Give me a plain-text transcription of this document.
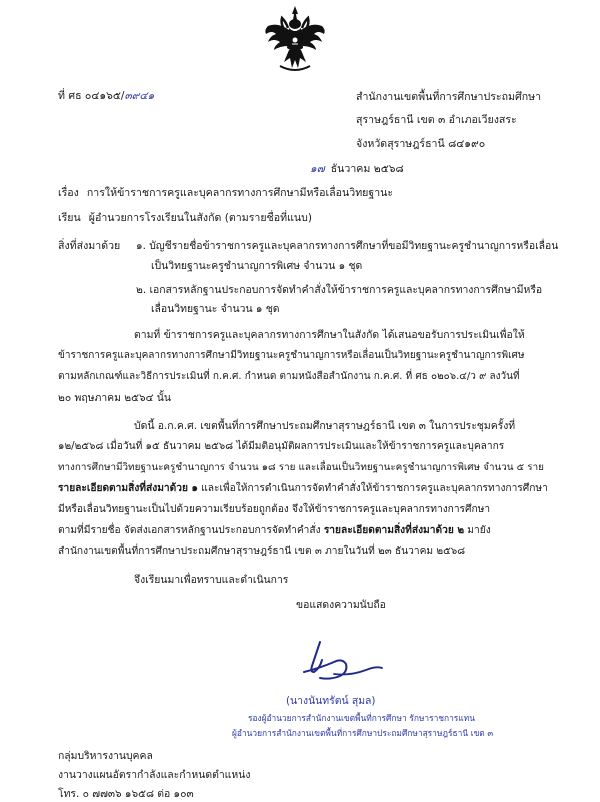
ที่ ศธ ๐๔๑๖๕/๓๙๔๑	สำนักงานเขตพื้นที่การศึกษาประถมศึกษา
สุราษฎร์ธานี เขต ๓ อำเภอเวียงสระ
จังหวัดสุราษฎร์ธานี ๘๔๑๙๐
๑๗ ธันวาคม ๒๕๖๘
เรื่อง การให้ข้าราชการครูและบุคลากรทางการศึกษามีหรือเลื่อนวิทยฐานะ
เรียน ผู้อำนวยการโรงเรียนในสังกัด (ตามรายชื่อที่แนบ)
สิ่งที่ส่งมาด้วย ๑. บัญชีรายชื่อข้าราชการครูและบุคลากรทางการศึกษาที่ขอมีวิทยฐานะครูชำนาญการหรือเลื่อน
เป็นวิทยฐานะครูชำนาญการพิเศษ จำนวน ๑ ชุด
๒. เอกสารหลักฐานประกอบการจัดทำคำสั่งให้ข้าราชการครูและบุคลากรทางการศึกษามีหรือ
เลื่อนวิทยฐานะ จำนวน ๑ ชุด
ตามที่ ข้าราชการครูและบุคลากรทางการศึกษาในสังกัด ได้เสนอขอรับการประเมินเพื่อให้
ข้าราชการครูและบุคลากรทางการศึกษามีวิทยฐานะครูชำนาญการหรือเลื่อนเป็นวิทยฐานะครูชำนาญการพิเศษ
ตามหลักเกณฑ์และวิธีการประเมินที่ ก.ค.ศ. กำหนด ตามหนังสือสำนักงาน ก.ค.ศ. ที่ ศธ ๐๒๐๖.๔/ว ๙ ลงวันที่
๒๐ พฤษภาคม ๒๕๖๔ นั้น
บัดนี้ อ.ก.ค.ศ. เขตพื้นที่การศึกษาประถมศึกษาสุราษฎร์ธานี เขต ๓ ในการประชุมครั้งที่
๑๒/๒๕๖๘ เมื่อวันที่ ๑๕ ธันวาคม ๒๕๖๘ ได้มีมติอนุมัติผลการประเมินและให้ข้าราชการครูและบุคลากร
ทางการศึกษามีวิทยฐานะครูชำนาญการ จำนวน ๑๘ ราย และเลื่อนเป็นวิทยฐานะครูชำนาญการพิเศษ จำนวน ๕ ราย
รายละเอียดตามสิ่งที่ส่งมาด้วย ๑ และเพื่อให้การดำเนินการจัดทำคำสั่งให้ข้าราชการครูและบุคลากรทางการศึกษา
มีหรือเลื่อนวิทยฐานะเป็นไปด้วยความเรียบร้อยถูกต้อง จึงให้ข้าราชการครูและบุคลากรทางการศึกษา
ตามที่มีรายชื่อ จัดส่งเอกสารหลักฐานประกอบการจัดทำคำสั่ง รายละเอียดตามสิ่งที่ส่งมาด้วย ๒ มายัง
สำนักงานเขตพื้นที่การศึกษาประถมศึกษาสุราษฎร์ธานี เขต ๓ ภายในวันที่ ๒๓ ธันวาคม ๒๕๖๘
จึงเรียนมาเพื่อทราบและดำเนินการ
ขอแสดงความนับถือ
(นางนันทรัตน์ สุมล)
รองผู้อำนวยการสำนักงานเขตพื้นที่การศึกษา รักษาราชการแทน
ผู้อำนวยการสำนักงานเขตพื้นที่การศึกษาประถมศึกษาสุราษฎร์ธานี เขต ๓
กลุ่มบริหารงานบุคคล
งานวางแผนอัตรากำลังและกำหนดตำแหน่ง
โทร. ๐ ๗๗๓๖ ๑๖๕๘ ต่อ ๑๐๓
